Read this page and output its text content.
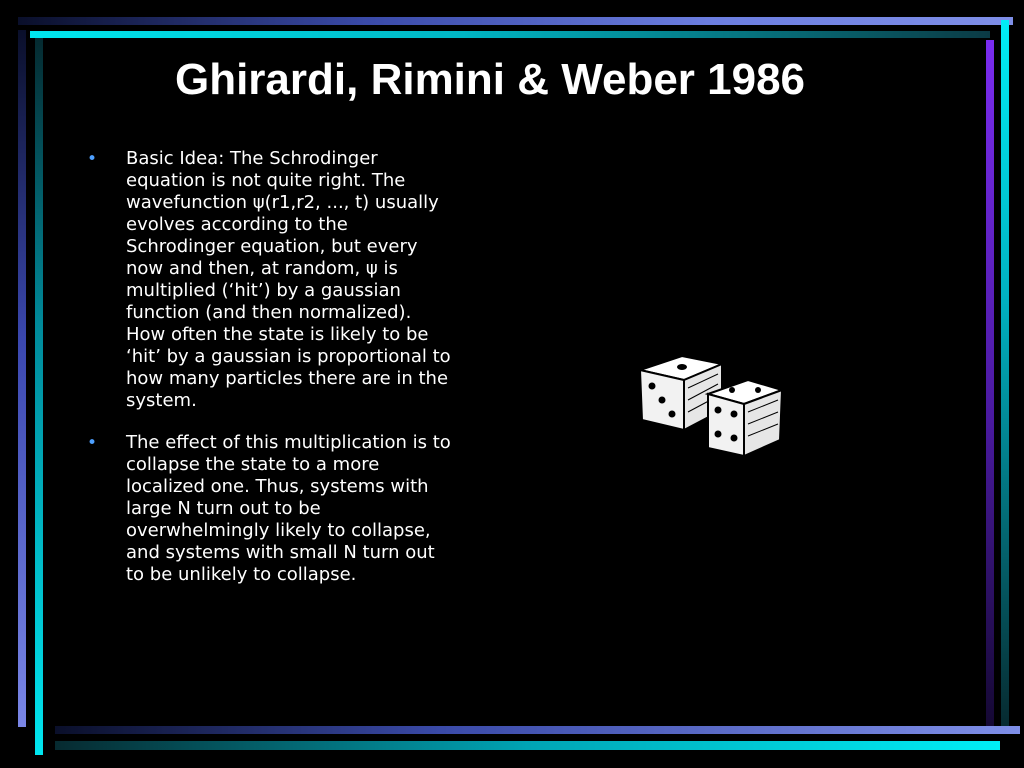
Ghirardi, Rimini & Weber 1986
• Basic Idea: The Schrodinger
equation is not quite right. The
wavefunction ψ(r1,r2, ..., t) usually
evolves according to the
Schrodinger equation, but every
now and then, at random, ψ is
multiplied (‘hit’) by a gaussian
function (and then normalized).
How often the state is likely to be
‘hit’ by a gaussian is proportional to
how many particles there are in the
system.
• The effect of this multiplication is to
collapse the state to a more
localized one. Thus, systems with
large N turn out to be
overwhelmingly likely to collapse,
and systems with small N turn out
to be unlikely to collapse.
